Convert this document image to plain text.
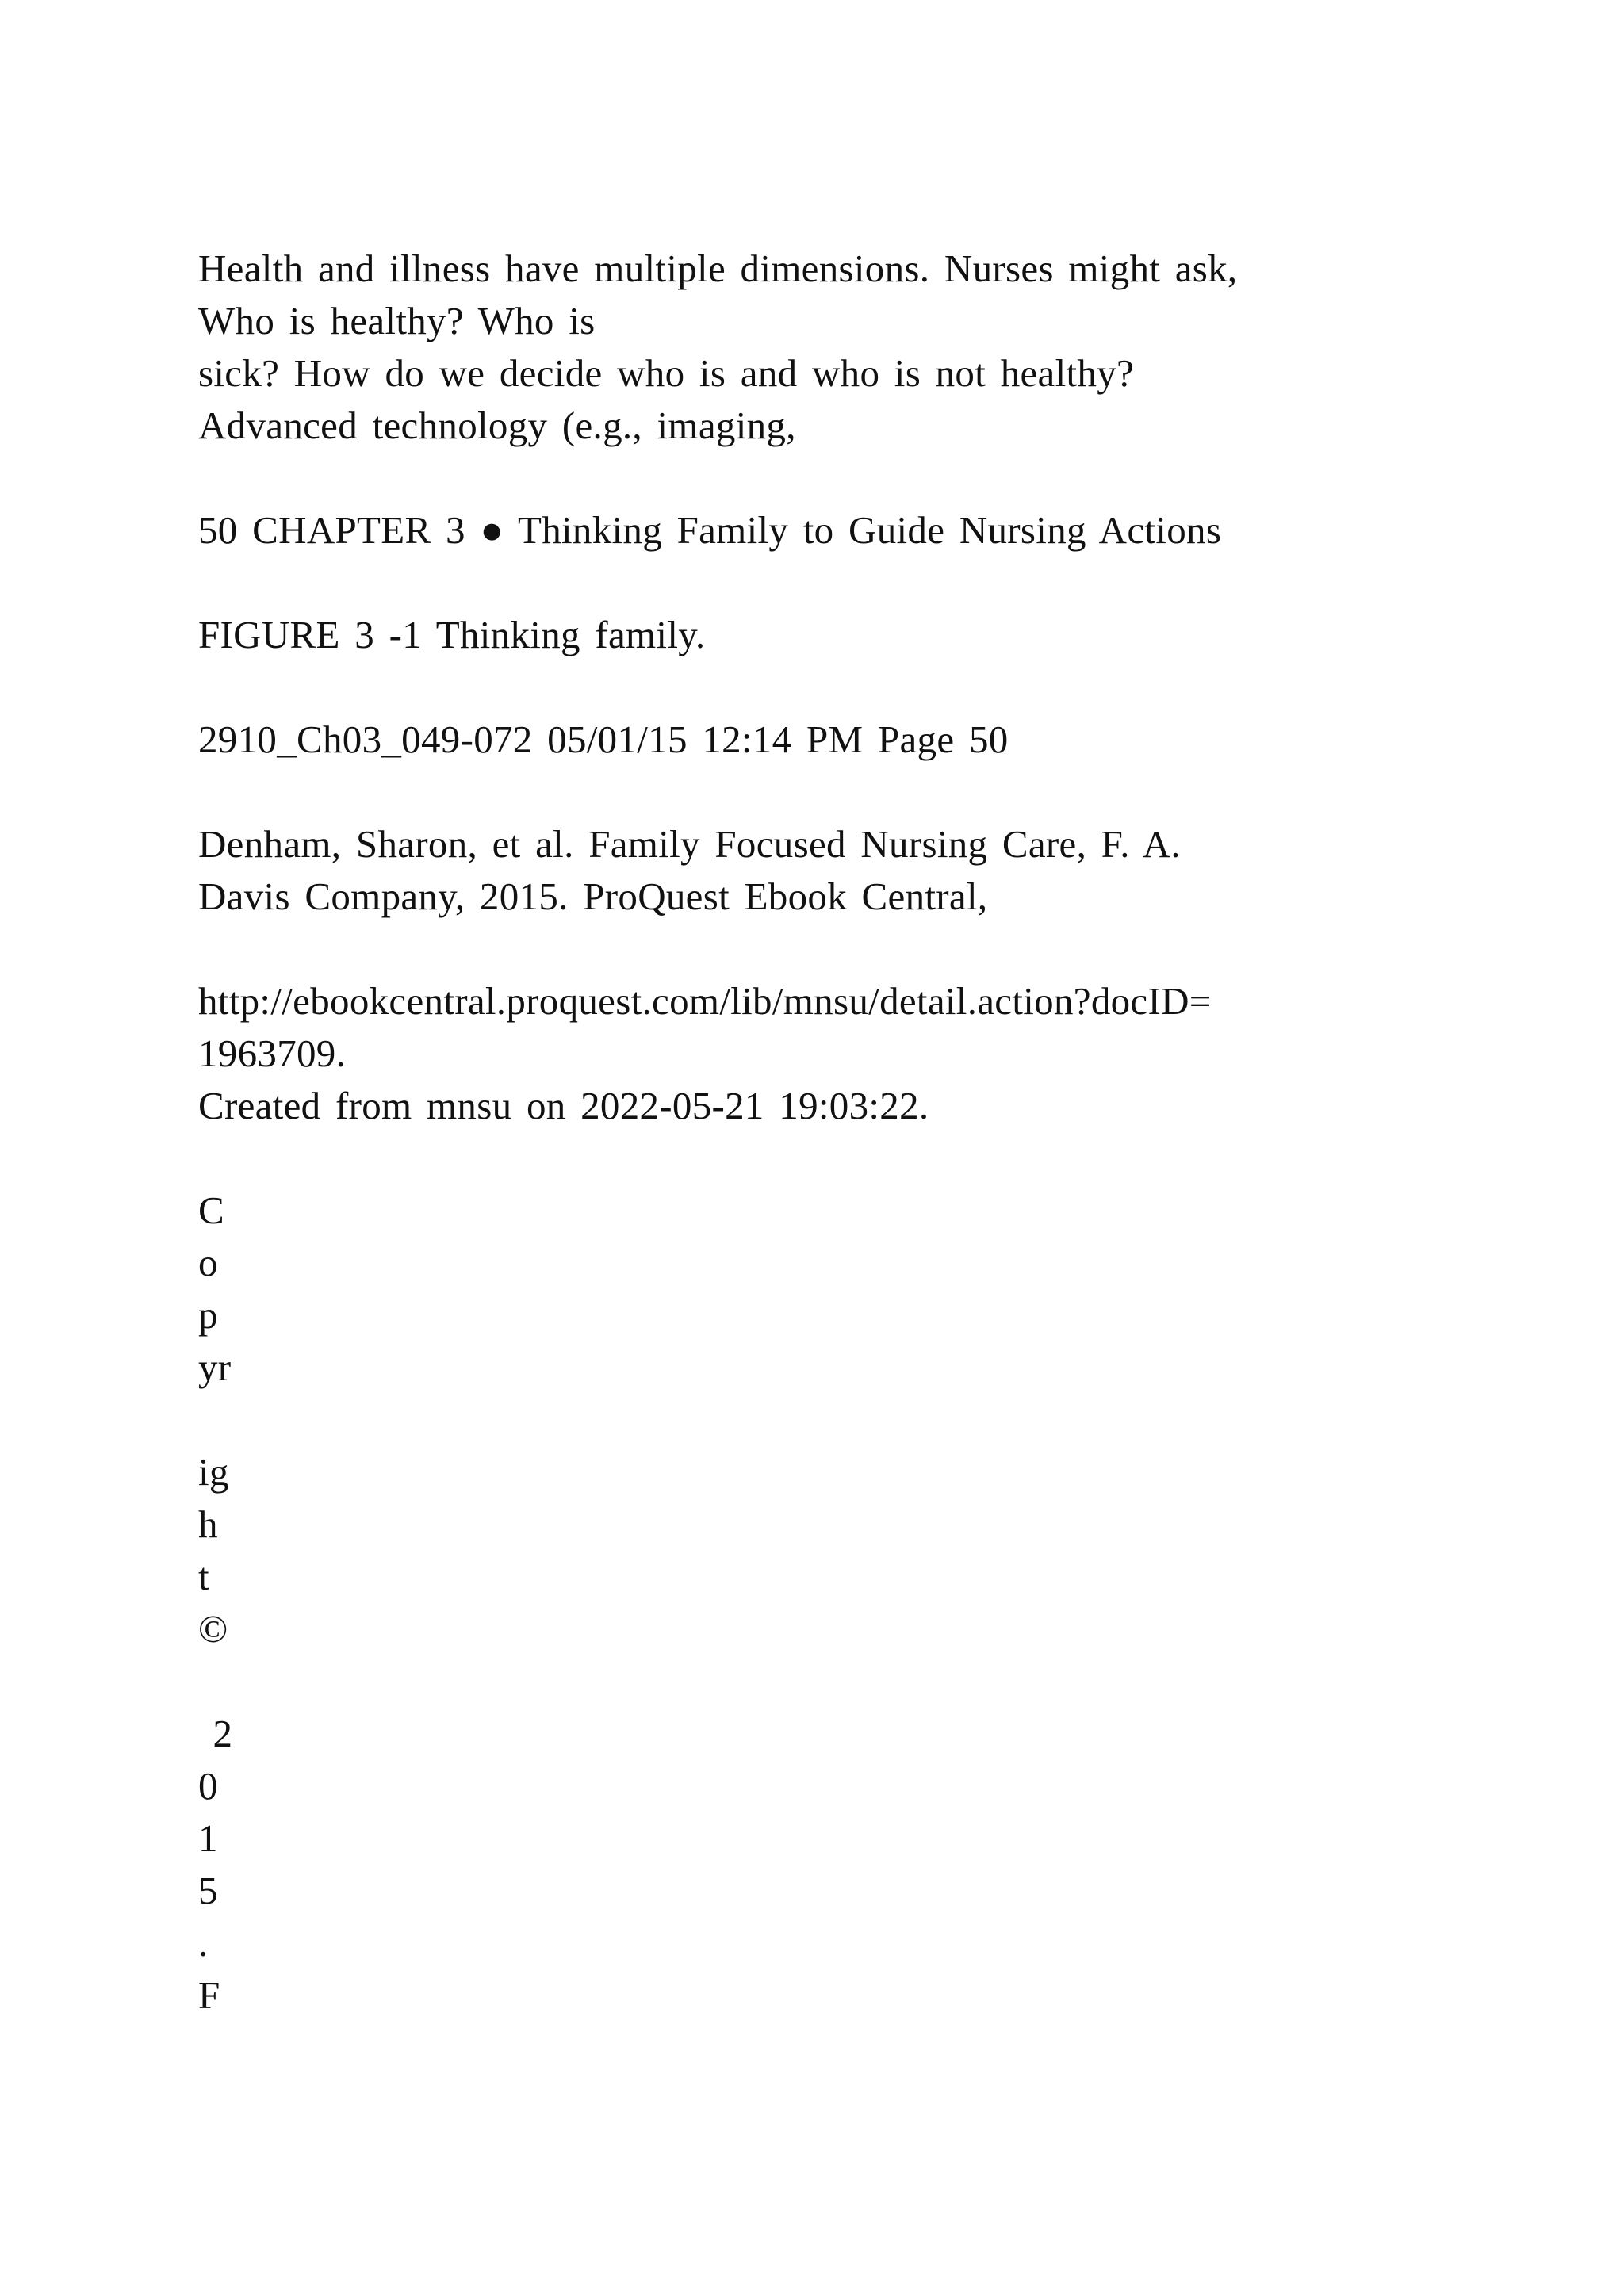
Health and illness have multiple dimensions. Nurses might ask,
Who is healthy? Who is
sick? How do we decide who is and who is not healthy?
Advanced technology (e.g., imaging,
50 CHAPTER 3 ● Thinking Family to Guide Nursing Actions
FIGURE 3 -1 Thinking family.
2910_Ch03_049-072 05/01/15 12:14 PM Page 50
Denham, Sharon, et al. Family Focused Nursing Care, F. A.
Davis Company, 2015. ProQuest Ebook Central,
http://ebookcentral.proquest.com/lib/mnsu/detail.action?docID=
1963709.
Created from mnsu on 2022-05-21 19:03:22.
C
o
p
yr
ig
h
t
©
2
0
1
5
.
F
